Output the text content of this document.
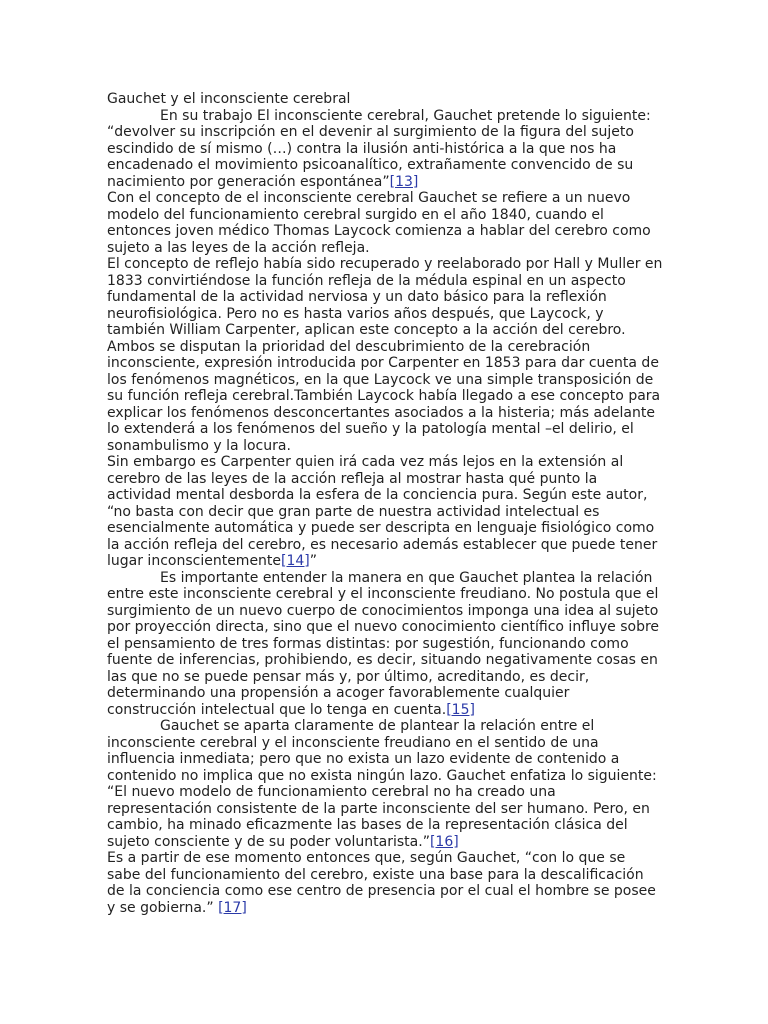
Gauchet y el inconsciente cerebral

En su trabajo El inconsciente cerebral, Gauchet pretende lo siguiente: “devolver su inscripción en el devenir al surgimiento de la figura del sujeto escindido de sí mismo (…) contra la ilusión anti-histórica a la que nos ha encadenado el movimiento psicoanalítico, extrañamente convencido de su nacimiento por generación espontánea”[13]

Con el concepto de el inconsciente cerebral Gauchet se refiere a un nuevo modelo del funcionamiento cerebral surgido en el año 1840, cuando el entonces joven médico Thomas Laycock comienza a hablar del cerebro como sujeto a las leyes de la acción refleja.

El concepto de reflejo había sido recuperado y reelaborado por Hall y Muller en 1833 convirtiéndose la función refleja de la médula espinal en un aspecto fundamental de la actividad nerviosa y un dato básico para la reflexión neurofisiológica. Pero no es hasta varios años después, que Laycock, y también William Carpenter, aplican este concepto a la acción del cerebro. Ambos se disputan la prioridad del descubrimiento de la cerebración inconsciente, expresión introducida por Carpenter en 1853 para dar cuenta de los fenómenos magnéticos, en la que Laycock ve una simple transposición de su función refleja cerebral.También Laycock había llegado a ese concepto para explicar los fenómenos desconcertantes asociados a la histeria; más adelante lo extenderá a los fenómenos del sueño y la patología mental –el delirio, el sonambulismo y la locura.

Sin embargo es Carpenter quien irá cada vez más lejos en la extensión al cerebro de las leyes de la acción refleja al mostrar hasta qué punto la actividad mental desborda la esfera de la conciencia pura. Según este autor, “no basta con decir que gran parte de nuestra actividad intelectual es esencialmente automática y puede ser descripta en lenguaje fisiológico como la acción refleja del cerebro, es necesario además establecer que puede tener lugar inconscientemente[14]”

Es importante entender la manera en que Gauchet plantea la relación entre este inconsciente cerebral y el inconsciente freudiano. No postula que el surgimiento de un nuevo cuerpo de conocimientos imponga una idea al sujeto por proyección directa, sino que el nuevo conocimiento científico influye sobre el pensamiento de tres formas distintas: por sugestión, funcionando como fuente de inferencias, prohibiendo, es decir, situando negativamente cosas en las que no se puede pensar más y, por último, acreditando, es decir, determinando una propensión a acoger favorablemente cualquier construcción intelectual que lo tenga en cuenta.[15]

Gauchet se aparta claramente de plantear la relación entre el inconsciente cerebral y el inconsciente freudiano en el sentido de una influencia inmediata; pero que no exista un lazo evidente de contenido a contenido no implica que no exista ningún lazo. Gauchet enfatiza lo siguiente: “El nuevo modelo de funcionamiento cerebral no ha creado una representación consistente de la parte inconsciente del ser humano. Pero, en cambio, ha minado eficazmente las bases de la representación clásica del sujeto consciente y de su poder voluntarista.”[16]

Es a partir de ese momento entonces que, según Gauchet, “con lo que se sabe del funcionamiento del cerebro, existe una base para la descalificación de la conciencia como ese centro de presencia por el cual el hombre se posee y se gobierna.” [17]
